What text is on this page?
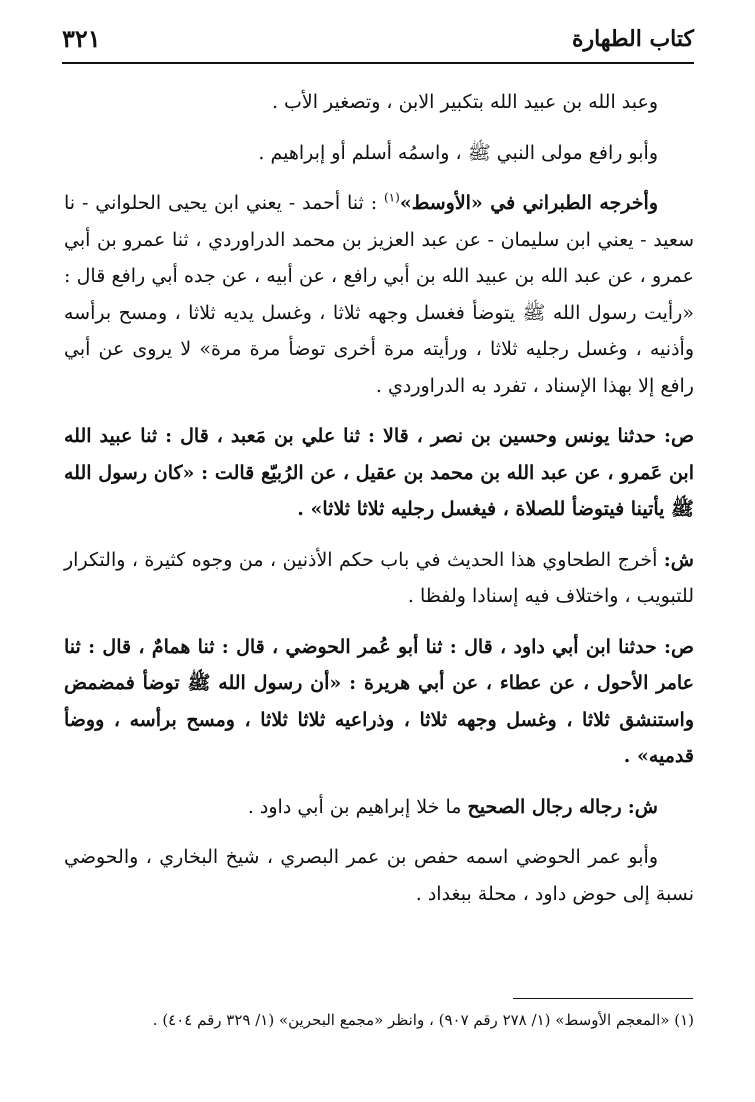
كتاب الطهارة
٣٢١

وعبد الله بن عبيد الله بتكبير الابن ، وتصغير الأب .

وأبو رافع مولى النبي ﷺ ، واسمُه أسلم أو إبراهيم .

وأخرجه الطبراني في «الأوسط»$^{(١)}$ : ثنا أحمد - يعني ابن يحيى الحلواني - نا سعيد - يعني ابن سليمان - عن عبد العزيز بن محمد الدراوردي ، ثنا عمرو بن أبي عمرو ، عن عبد الله بن عبيد الله بن أبي رافع ، عن أبيه ، عن جده أبي رافع قال : «رأيت رسول الله ﷺ يتوضأ فغسل وجهه ثلاثا ، وغسل يديه ثلاثا ، ومسح برأسه وأذنيه ، وغسل رجليه ثلاثا ، ورأيته مرة أخرى توضأ مرة مرة» لا يروى عن أبي رافع إلا بهذا الإسناد ، تفرد به الدراوردي .

ص: حدثنا يونس وحسين بن نصر ، قالا : ثنا علي بن مَعبد ، قال : ثنا عبيد الله ابن عَمرو ، عن عبد الله بن محمد بن عقيل ، عن الرُبيّع قالت : «كان رسول الله ﷺ يأتينا فيتوضأ للصلاة ، فيغسل رجليه ثلاثا ثلاثا» .

ش: أخرج الطحاوي هذا الحديث في باب حكم الأذنين ، من وجوه كثيرة ، والتكرار للتبويب ، واختلاف فيه إسنادا ولفظا .

ص: حدثنا ابن أبي داود ، قال : ثنا أبو عُمر الحوضي ، قال : ثنا همامٌ ، قال : ثنا عامر الأحول ، عن عطاء ، عن أبي هريرة : «أن رسول الله ﷺ توضأ فمضمض واستنشق ثلاثا ، وغسل وجهه ثلاثا ، وذراعيه ثلاثا ثلاثا ، ومسح برأسه ، ووضأ قدميه» .

ش: رجاله رجال الصحيح ما خلا إبراهيم بن أبي داود .

وأبو عمر الحوضي اسمه حفص بن عمر البصري ، شيخ البخاري ، والحوضي نسبة إلى حوض داود ، محلة ببغداد .

(١) «المعجم الأوسط» (١/ ٢٧٨ رقم ٩٠٧) ، وانظر «مجمع البحرين» (١/ ٣٢٩ رقم ٤٠٤) .
